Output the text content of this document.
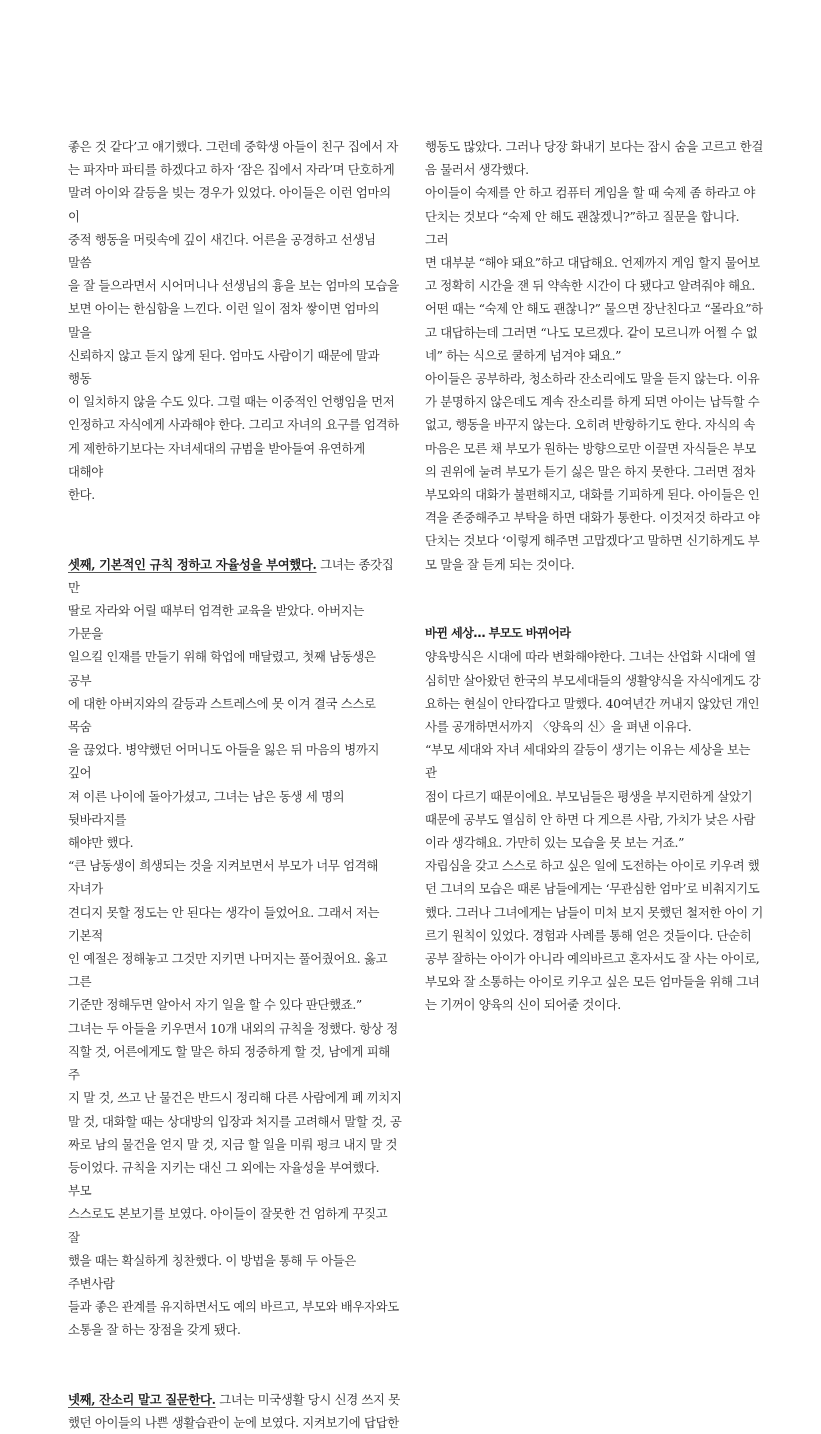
좋은 것 같다’고 얘기했다. 그런데 중학생 아들이 친구 집에서 자
는 파자마 파티를 하겠다고 하자 ‘잠은 집에서 자라’며 단호하게
말려 아이와 갈등을 빚는 경우가 있었다. 아이들은 이런 엄마의 이
중적 행동을 머릿속에 깊이 새긴다. 어른을 공경하고 선생님 말씀
을 잘 들으라면서 시어머니나 선생님의 흉을 보는 엄마의 모습을
보면 아이는 한심함을 느낀다. 이런 일이 점차 쌓이면 엄마의 말을
신뢰하지 않고 듣지 않게 된다. 엄마도 사람이기 때문에 말과 행동
이 일치하지 않을 수도 있다. 그럴 때는 이중적인 언행임을 먼저
인정하고 자식에게 사과해야 한다. 그리고 자녀의 요구를 엄격하
게 제한하기보다는 자녀세대의 규범을 받아들여 유연하게 대해야
한다.

셋째, 기본적인 규칙 정하고 자율성을 부여했다. 그녀는 종갓집 만
딸로 자라와 어릴 때부터 엄격한 교육을 받았다. 아버지는 가문을
일으킬 인재를 만들기 위해 학업에 매달렸고, 첫째 남동생은 공부
에 대한 아버지와의 갈등과 스트레스에 못 이겨 결국 스스로 목숨
을 끊었다. 병약했던 어머니도 아들을 잃은 뒤 마음의 병까지 깊어
져 이른 나이에 돌아가셨고, 그녀는 남은 동생 세 명의 뒷바라지를
해야만 했다.

“큰 남동생이 희생되는 것을 지켜보면서 부모가 너무 엄격해 자녀가
견디지 못할 정도는 안 된다는 생각이 들었어요. 그래서 저는 기본적
인 예절은 정해놓고 그것만 지키면 나머지는 풀어줬어요. 옳고 그른
기준만 정해두면 알아서 자기 일을 할 수 있다 판단했죠.”

그녀는 두 아들을 키우면서 10개 내외의 규칙을 정했다. 항상 정
직할 것, 어른에게도 할 말은 하되 정중하게 할 것, 남에게 피해 주
지 말 것, 쓰고 난 물건은 반드시 정리해 다른 사람에게 폐 끼치지
말 것, 대화할 때는 상대방의 입장과 처지를 고려해서 말할 것, 공
짜로 남의 물건을 얻지 말 것, 지금 할 일을 미뤄 펑크 내지 말 것
등이었다. 규칙을 지키는 대신 그 외에는 자율성을 부여했다. 부모
스스로도 본보기를 보였다. 아이들이 잘못한 건 엄하게 꾸짖고 잘
했을 때는 확실하게 칭찬했다. 이 방법을 통해 두 아들은 주변사람
들과 좋은 관계를 유지하면서도 예의 바르고, 부모와 배우자와도
소통을 잘 하는 장점을 갖게 됐다.

넷째, 잔소리 말고 질문한다. 그녀는 미국생활 당시 신경 쓰지 못
했던 아이들의 나쁜 생활습관이 눈에 보였다. 지켜보기에 답답한

행동도 많았다. 그러나 당장 화내기 보다는 잠시 숨을 고르고 한걸
음 물러서 생각했다.

아이들이 숙제를 안 하고 컴퓨터 게임을 할 때 숙제 좀 하라고 야
단치는 것보다 “숙제 안 해도 괜찮겠니?”하고 질문을 합니다. 그러
면 대부분 “해야 돼요”하고 대답해요. 언제까지 게임 할지 물어보
고 정확히 시간을 잰 뒤 약속한 시간이 다 됐다고 알려줘야 해요.
어떤 때는 “숙제 안 해도 괜찮니?” 물으면 장난친다고 “몰라요”하
고 대답하는데 그러면 “나도 모르겠다. 같이 모르니까 어쩔 수 없
네” 하는 식으로 쿨하게 넘겨야 돼요.”

아이들은 공부하라, 청소하라 잔소리에도 말을 듣지 않는다. 이유
가 분명하지 않은데도 계속 잔소리를 하게 되면 아이는 납득할 수
없고, 행동을 바꾸지 않는다. 오히려 반항하기도 한다. 자식의 속
마음은 모른 채 부모가 원하는 방향으로만 이끌면 자식들은 부모
의 권위에 눌려 부모가 듣기 싫은 말은 하지 못한다. 그러면 점차
부모와의 대화가 불편해지고, 대화를 기피하게 된다. 아이들은 인
격을 존중해주고 부탁을 하면 대화가 통한다. 이것저것 하라고 야
단치는 것보다 ‘이렇게 해주면 고맙겠다’고 말하면 신기하게도 부
모 말을 잘 듣게 되는 것이다.

바뀐 세상… 부모도 바뀌어라

양육방식은 시대에 따라 변화해야한다. 그녀는 산업화 시대에 열
심히만 살아왔던 한국의 부모세대들의 생활양식을 자식에게도 강
요하는 현실이 안타깝다고 말했다. 40여년간 꺼내지 않았던 개인
사를 공개하면서까지 〈양육의 신〉을 펴낸 이유다.

“부모 세대와 자녀 세대와의 갈등이 생기는 이유는 세상을 보는 관
점이 다르기 때문이에요. 부모님들은 평생을 부지런하게 살았기
때문에 공부도 열심히 안 하면 다 게으른 사람, 가치가 낮은 사람
이라 생각해요. 가만히 있는 모습을 못 보는 거죠.”

자립심을 갖고 스스로 하고 싶은 일에 도전하는 아이로 키우려 했
던 그녀의 모습은 때론 남들에게는 ‘무관심한 엄마’로 비춰지기도
했다. 그러나 그녀에게는 남들이 미처 보지 못했던 철저한 아이 기
르기 원칙이 있었다. 경험과 사례를 통해 얻은 것들이다. 단순히
공부 잘하는 아이가 아니라 예의바르고 혼자서도 잘 사는 아이로,
부모와 잘 소통하는 아이로 키우고 싶은 모든 엄마들을 위해 그녀
는 기꺼이 양육의 신이 되어줄 것이다.
